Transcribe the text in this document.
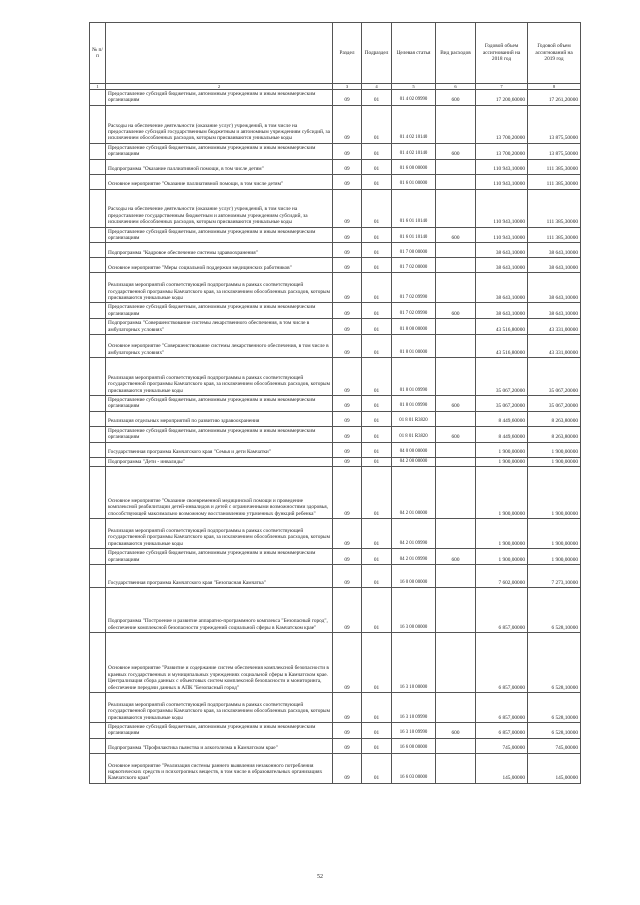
№ п/п		Раздел	Подраздел	Целевая статья	Вид расходов	Годовой объем ассигнований на 2018 год	Годовой объем ассигнований на 2019 год
1	2	3	4	5	6	7	8
	Предоставление субсидий бюджетным, автономным учреждениям и иным некоммерческим организациям	09	01	01 4 02 09990	600	17 200,60000	17 261,20000
	Расходы на обеспечение деятельности (оказание услуг) учреждений, в том числе на предоставление субсидий государственным бюджетным и автономным учреждениям субсидий, за исключением обособленных расходов, которым присваиваются уникальные коды	09	01	01 4 02 10140		13 700,20000	13 875,50000
	Предоставление субсидий бюджетным, автономным учреждениям и иным некоммерческим организациям	09	01	01 4 02 10140	600	13 700,20000	13 875,50000
	Подпрограмма "Оказание паллиативной помощи, в том числе детям"	09	01	01 6 00 00000		110 943,10000	111 385,30000
	Основное мероприятие "Оказание паллиативной помощи, в том числе детям"	09	01	01 6 01 00000		110 943,10000	111 385,30000
	Расходы на обеспечение деятельности (оказание услуг) учреждений, в том числе на предоставление государственным бюджетным и автономным учреждениям субсидий, за исключением обособленных расходов, которым присваиваются уникальные коды	09	01	01 6 01 10140		110 943,10000	111 385,30000
	Предоставление субсидий бюджетным, автономным учреждениям и иным некоммерческим организациям	09	01	01 6 01 10140	600	110 943,10000	111 385,30000
	Подпрограмма "Кадровое обеспечение системы здравоохранения"	09	01	01 7 00 00000		38 643,10000	38 643,10000
	Основное мероприятие "Меры социальной поддержки медицинских работников"	09	01	01 7 02 00000		38 643,10000	38 643,10000
	Реализация мероприятий соответствующей подпрограммы в рамках соответствующей государственной программы Камчатского края, за исключением обособленных расходов, которым присваиваются уникальные коды	09	01	01 7 02 09990		38 643,10000	38 643,10000
	Предоставление субсидий бюджетным, автономным учреждениям и иным некоммерческим организациям	09	01	01 7 02 09990	600	38 643,10000	38 643,10000
	Подпрограмма "Совершенствование системы лекарственного обеспечения, в том числе в амбулаторных условиях"	09	01	01 8 00 00000		43 516,80000	43 331,00000
	Основное мероприятие "Совершенствование системы лекарственного обеспечения, в том числе в амбулаторных условиях"	09	01	01 8 01 00000		43 516,80000	43 331,00000
	Реализация мероприятий соответствующей подпрограммы в рамках соответствующей государственной программы Камчатского края, за исключением обособленных расходов, которым присваиваются уникальные коды	09	01	01 8 01 09990		35 067,20000	35 067,20000
	Предоставление субсидий бюджетным, автономным учреждениям и иным некоммерческим организациям	09	01	01 8 01 09990	600	35 067,20000	35 067,20000
	Реализация отдельных мероприятий по развитию здравоохранения	09	01	01 8 01 R3820		8 449,60000	8 263,80000
	Предоставление субсидий бюджетным, автономным учреждениям и иным некоммерческим организациям	09	01	01 8 01 R3820	600	8 449,60000	8 263,80000
	Государственная программа Камчатского края "Семья и дети Камчатки"	09	01	04 0 00 00000		1 900,00000	1 900,00000
	Подпрограмма "Дети - инвалиды"	09	01	04 2 00 00000		1 900,00000	1 900,00000
	Основное мероприятие "Оказание своевременной медицинской помощи и проведение комплексной реабилитации детей-инвалидов и детей с ограниченными возможностями здоровья, способствующей максимально возможному восстановлению утраченных функций ребенка"	09	01	04 2 01 00000		1 900,00000	1 900,00000
	Реализация мероприятий соответствующей подпрограммы в рамках соответствующей государственной программы Камчатского края, за исключением обособленных расходов, которым присваиваются уникальные коды	09	01	04 2 01 09990		1 900,00000	1 900,00000
	Предоставление субсидий бюджетным, автономным учреждениям и иным некоммерческим организациям	09	01	04 2 01 09990	600	1 900,00000	1 900,00000
	Государственная программа Камчатского края "Безопасная Камчатка"	09	01	16 0 00 00000		7 602,00000	7 273,10000
	Подпрограмма "Построение и развитие аппаратно-программного комплекса "Безопасный город", обеспечение комплексной безопасности учреждений социальной сферы в Камчатском крае"	09	01	16 3 00 00000		6 857,00000	6 528,10000
	Основное мероприятие "Развитие и содержание систем обеспечения комплексной безопасности в краевых государственных и муниципальных учреждениях социальной сферы в Камчатском крае. Централизация сбора данных с объектовых систем комплексной безопасности и мониторинга, обеспечение передачи данных в АПК "Безопасный город"	09	01	16 3 10 00000		6 857,00000	6 528,10000
	Реализация мероприятий соответствующей подпрограммы в рамках соответствующей государственной программы Камчатского края, за исключением обособленных расходов, которым присваиваются уникальные коды	09	01	16 3 10 09990		6 857,00000	6 528,10000
	Предоставление субсидий бюджетным, автономным учреждениям и иным некоммерческим организациям	09	01	16 3 10 09990	600	6 857,00000	6 528,10000
	Подпрограмма "Профилактика пьянства и алкоголизма в Камчатском крае"	09	01	16 6 00 00000		745,00000	745,00000
	Основное мероприятие "Реализация системы раннего выявления незаконного потребления наркотических средств и психотропных веществ, в том числе в образовательных организациях Камчатского края"	09	01	16 6 03 00000		145,00000	145,00000
52
